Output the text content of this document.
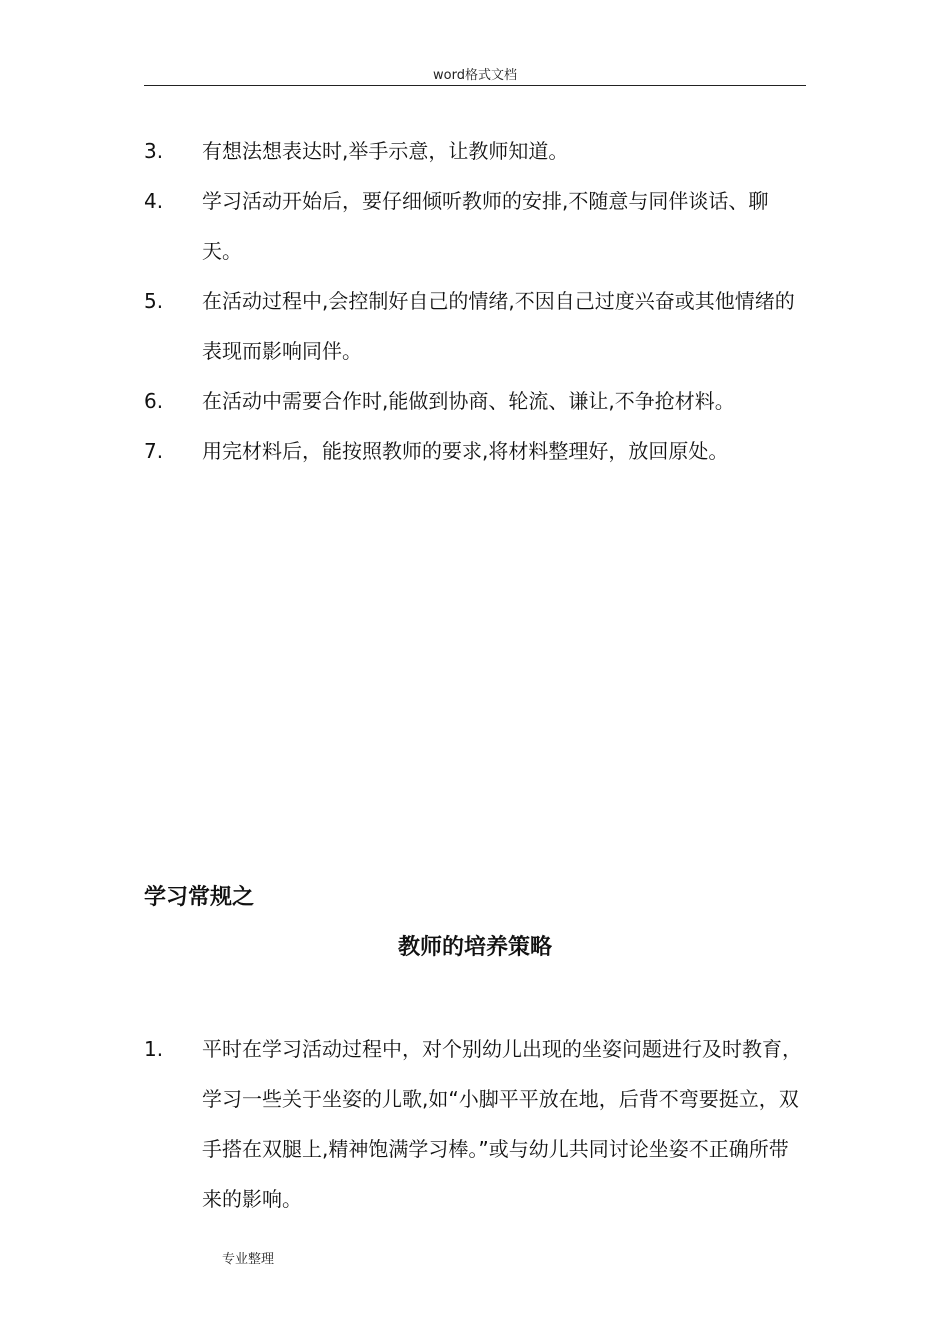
word格式文档
3.	有想法想表达时,举手示意，让教师知道。
4.	学习活动开始后，要仔细倾听教师的安排,不随意与同伴谈话、聊天。
5.	在活动过程中,会控制好自己的情绪,不因自己过度兴奋或其他情绪的表现而影响同伴。
6.	在活动中需要合作时,能做到协商、轮流、谦让,不争抢材料。
7.	用完材料后，能按照教师的要求,将材料整理好，放回原处。
学习常规之
教师的培养策略
1.	平时在学习活动过程中，对个别幼儿出现的坐姿问题进行及时教育，学习一些关于坐姿的儿歌,如“小脚平平放在地，后背不弯要挺立，双手搭在双腿上,精神饱满学习棒。”或与幼儿共同讨论坐姿不正确所带来的影响。
专业整理
